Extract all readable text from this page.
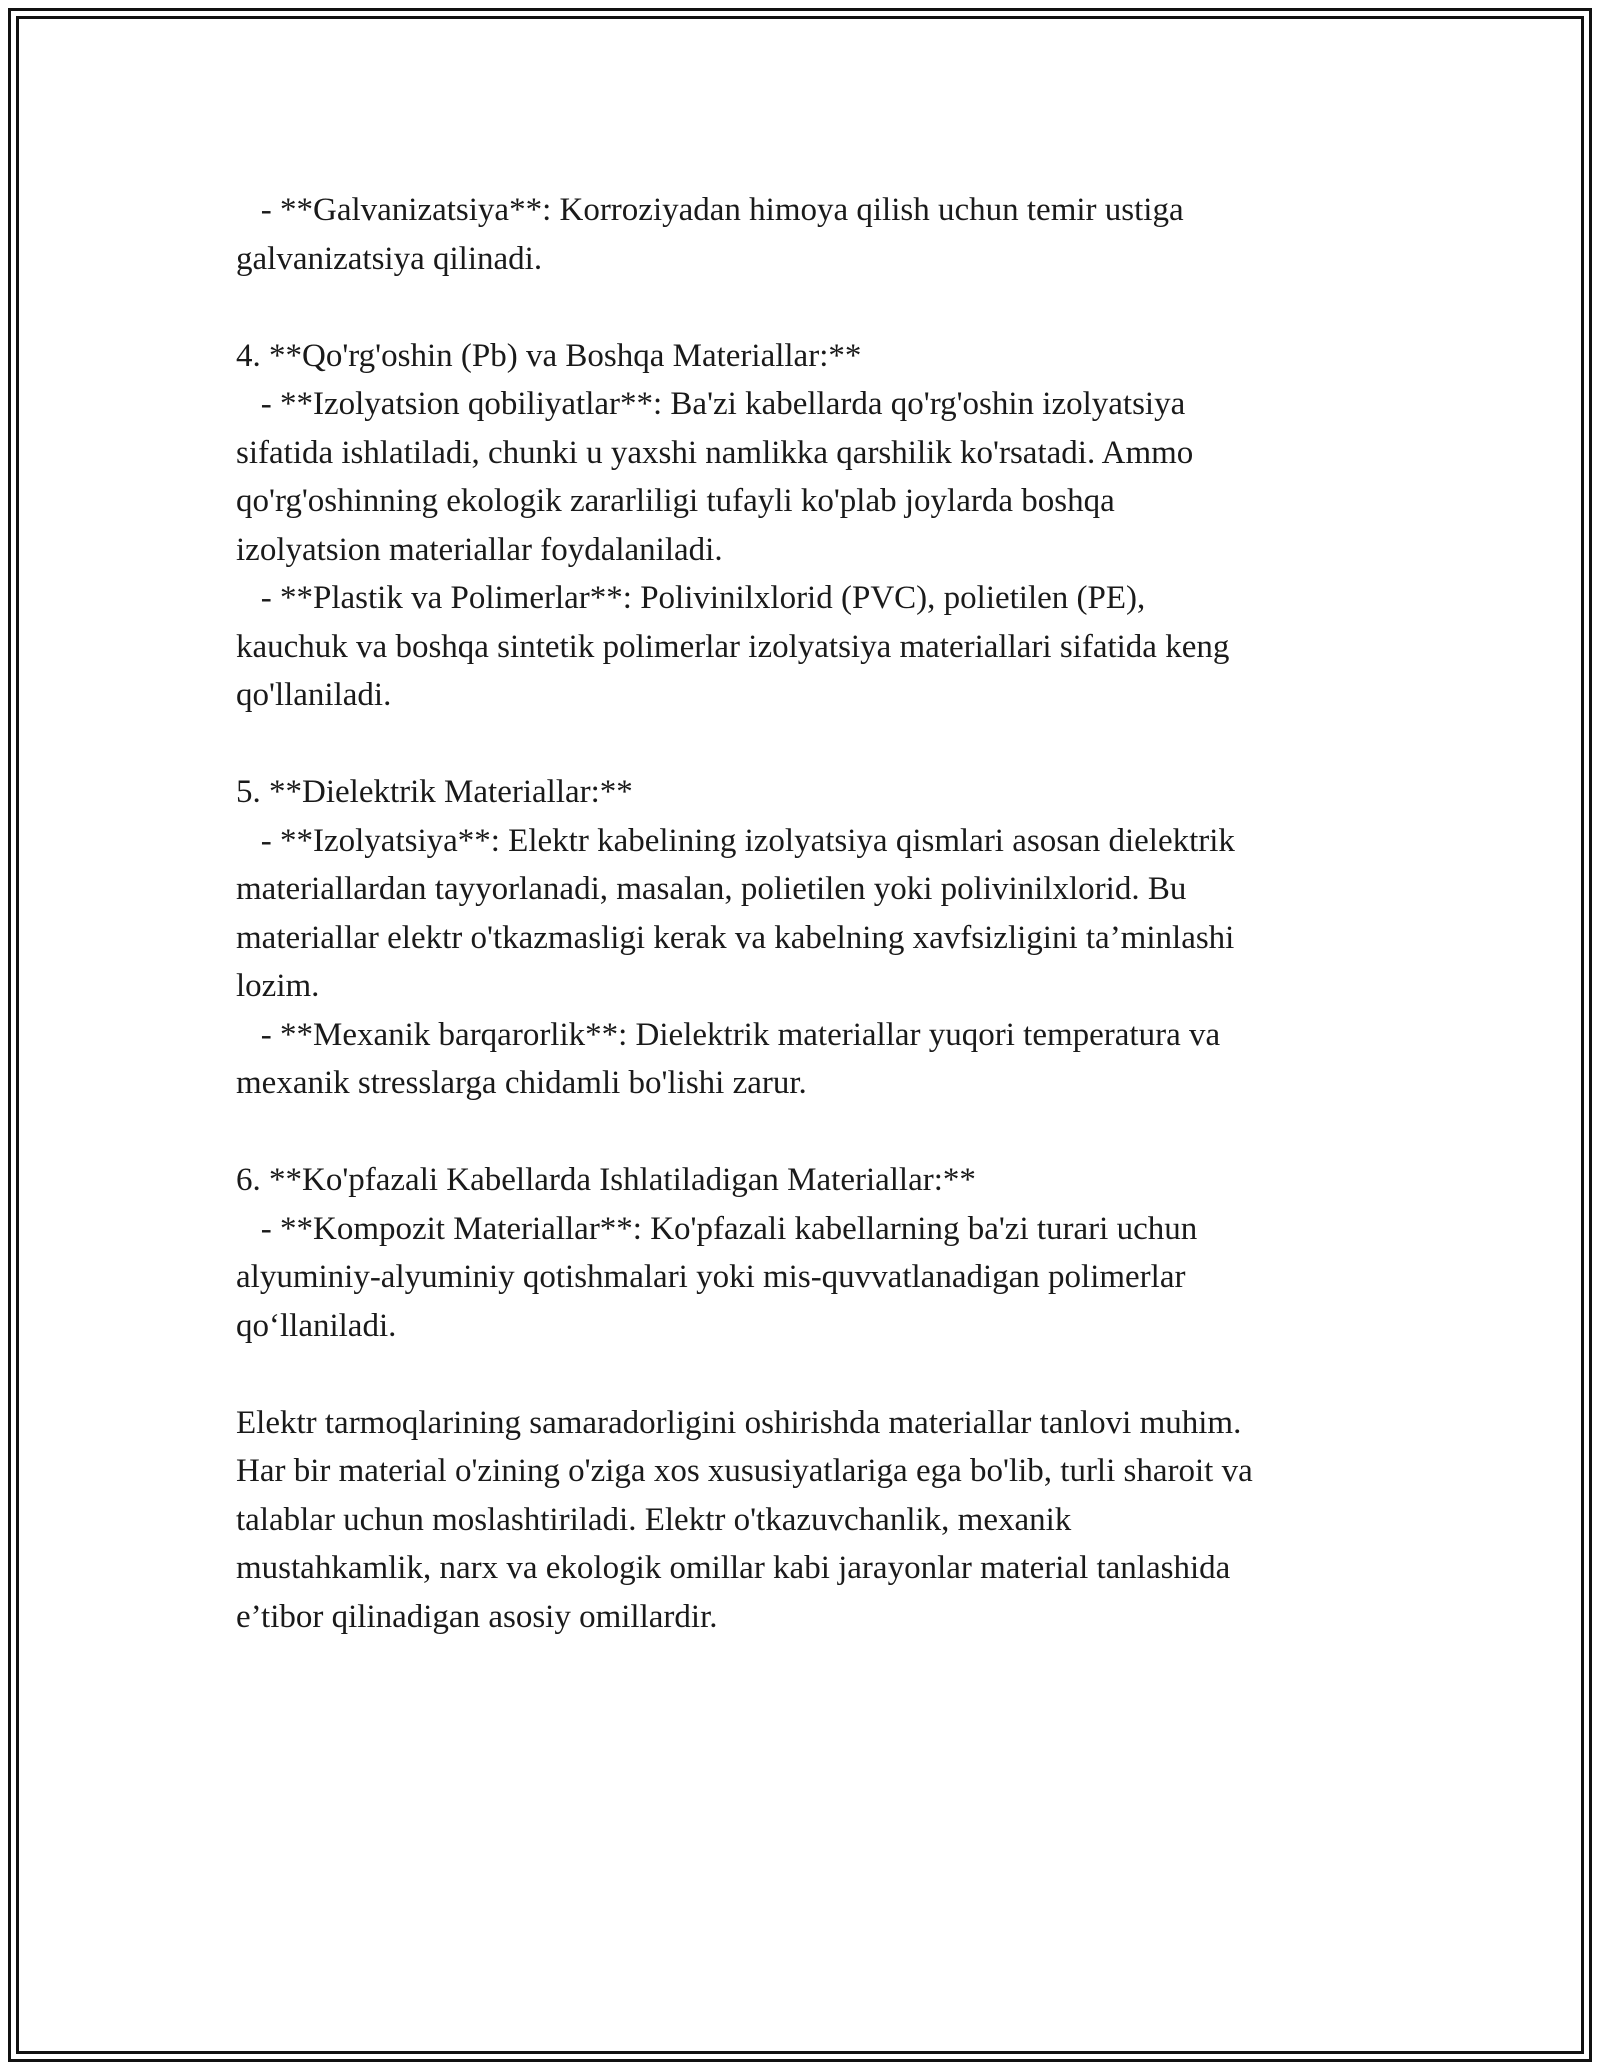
- **Galvanizatsiya**: Korroziyadan himoya qilish uchun temir ustiga
galvanizatsiya qilinadi.
4. **Qo'rg'oshin (Pb) va Boshqa Materiallar:**
- **Izolyatsion qobiliyatlar**: Ba'zi kabellarda qo'rg'oshin izolyatsiya
sifatida ishlatiladi, chunki u yaxshi namlikka qarshilik ko'rsatadi. Ammo
qo'rg'oshinning ekologik zararliligi tufayli ko'plab joylarda boshqa
izolyatsion materiallar foydalaniladi.
- **Plastik va Polimerlar**: Polivinilxlorid (PVC), polietilen (PE),
kauchuk va boshqa sintetik polimerlar izolyatsiya materiallari sifatida keng
qo'llaniladi.
5. **Dielektrik Materiallar:**
- **Izolyatsiya**: Elektr kabelining izolyatsiya qismlari asosan dielektrik
materiallardan tayyorlanadi, masalan, polietilen yoki polivinilxlorid. Bu
materiallar elektr o'tkazmasligi kerak va kabelning xavfsizligini ta’minlashi
lozim.
- **Mexanik barqarorlik**: Dielektrik materiallar yuqori temperatura va
mexanik stresslarga chidamli bo'lishi zarur.
6. **Ko'pfazali Kabellarda Ishlatiladigan Materiallar:**
- **Kompozit Materiallar**: Ko'pfazali kabellarning ba'zi turari uchun
alyuminiy-alyuminiy qotishmalari yoki mis-quvvatlanadigan polimerlar
qo‘llaniladi.
Elektr tarmoqlarining samaradorligini oshirishda materiallar tanlovi muhim.
Har bir material o'zining o'ziga xos xususiyatlariga ega bo'lib, turli sharoit va
talablar uchun moslashtiriladi. Elektr o'tkazuvchanlik, mexanik
mustahkamlik, narx va ekologik omillar kabi jarayonlar material tanlashida
e’tibor qilinadigan asosiy omillardir.
